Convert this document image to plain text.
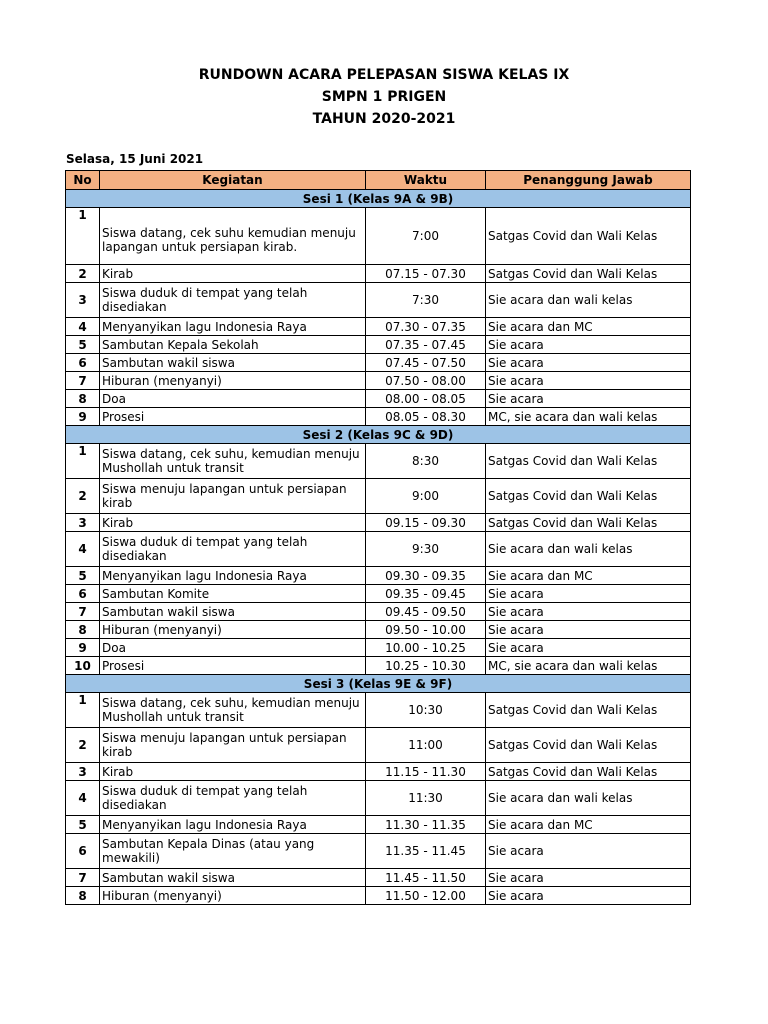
RUNDOWN ACARA PELEPASAN SISWA KELAS IX
SMPN 1 PRIGEN
TAHUN 2020-2021
Selasa, 15 Juni 2021
No	Kegiatan	Waktu	Penanggung Jawab
Sesi 1 (Kelas 9A & 9B)			
1	Siswa datang, cek suhu kemudian menuju lapangan untuk persiapan kirab.	7:00	Satgas Covid dan Wali Kelas
2	Kirab	07.15 - 07.30	Satgas Covid dan Wali Kelas
3	Siswa duduk di tempat yang telah disediakan	7:30	Sie acara dan wali kelas
4	Menyanyikan lagu Indonesia Raya	07.30 - 07.35	Sie acara dan MC
5	Sambutan Kepala Sekolah	07.35 - 07.45	Sie acara
6	Sambutan wakil siswa	07.45 - 07.50	Sie acara
7	Hiburan (menyanyi)	07.50 - 08.00	Sie acara
8	Doa	08.00 - 08.05	Sie acara
9	Prosesi	08.05 - 08.30	MC, sie acara dan wali kelas
Sesi 2 (Kelas 9C & 9D)			
1	Siswa datang, cek suhu, kemudian menuju Mushollah untuk transit	8:30	Satgas Covid dan Wali Kelas
2	Siswa menuju lapangan untuk persiapan kirab	9:00	Satgas Covid dan Wali Kelas
3	Kirab	09.15 - 09.30	Satgas Covid dan Wali Kelas
4	Siswa duduk di tempat yang telah disediakan	9:30	Sie acara dan wali kelas
5	Menyanyikan lagu Indonesia Raya	09.30 - 09.35	Sie acara dan MC
6	Sambutan Komite	09.35 - 09.45	Sie acara
7	Sambutan wakil siswa	09.45 - 09.50	Sie acara
8	Hiburan (menyanyi)	09.50 - 10.00	Sie acara
9	Doa	10.00 - 10.25	Sie acara
10	Prosesi	10.25 - 10.30	MC, sie acara dan wali kelas
Sesi 3 (Kelas 9E & 9F)			
1	Siswa datang, cek suhu, kemudian menuju Mushollah untuk transit	10:30	Satgas Covid dan Wali Kelas
2	Siswa menuju lapangan untuk persiapan kirab	11:00	Satgas Covid dan Wali Kelas
3	Kirab	11.15 - 11.30	Satgas Covid dan Wali Kelas
4	Siswa duduk di tempat yang telah disediakan	11:30	Sie acara dan wali kelas
5	Menyanyikan lagu Indonesia Raya	11.30 - 11.35	Sie acara dan MC
6	Sambutan Kepala Dinas (atau yang mewakili)	11.35 - 11.45	Sie acara
7	Sambutan wakil siswa	11.45 - 11.50	Sie acara
8	Hiburan (menyanyi)	11.50 - 12.00	Sie acara
